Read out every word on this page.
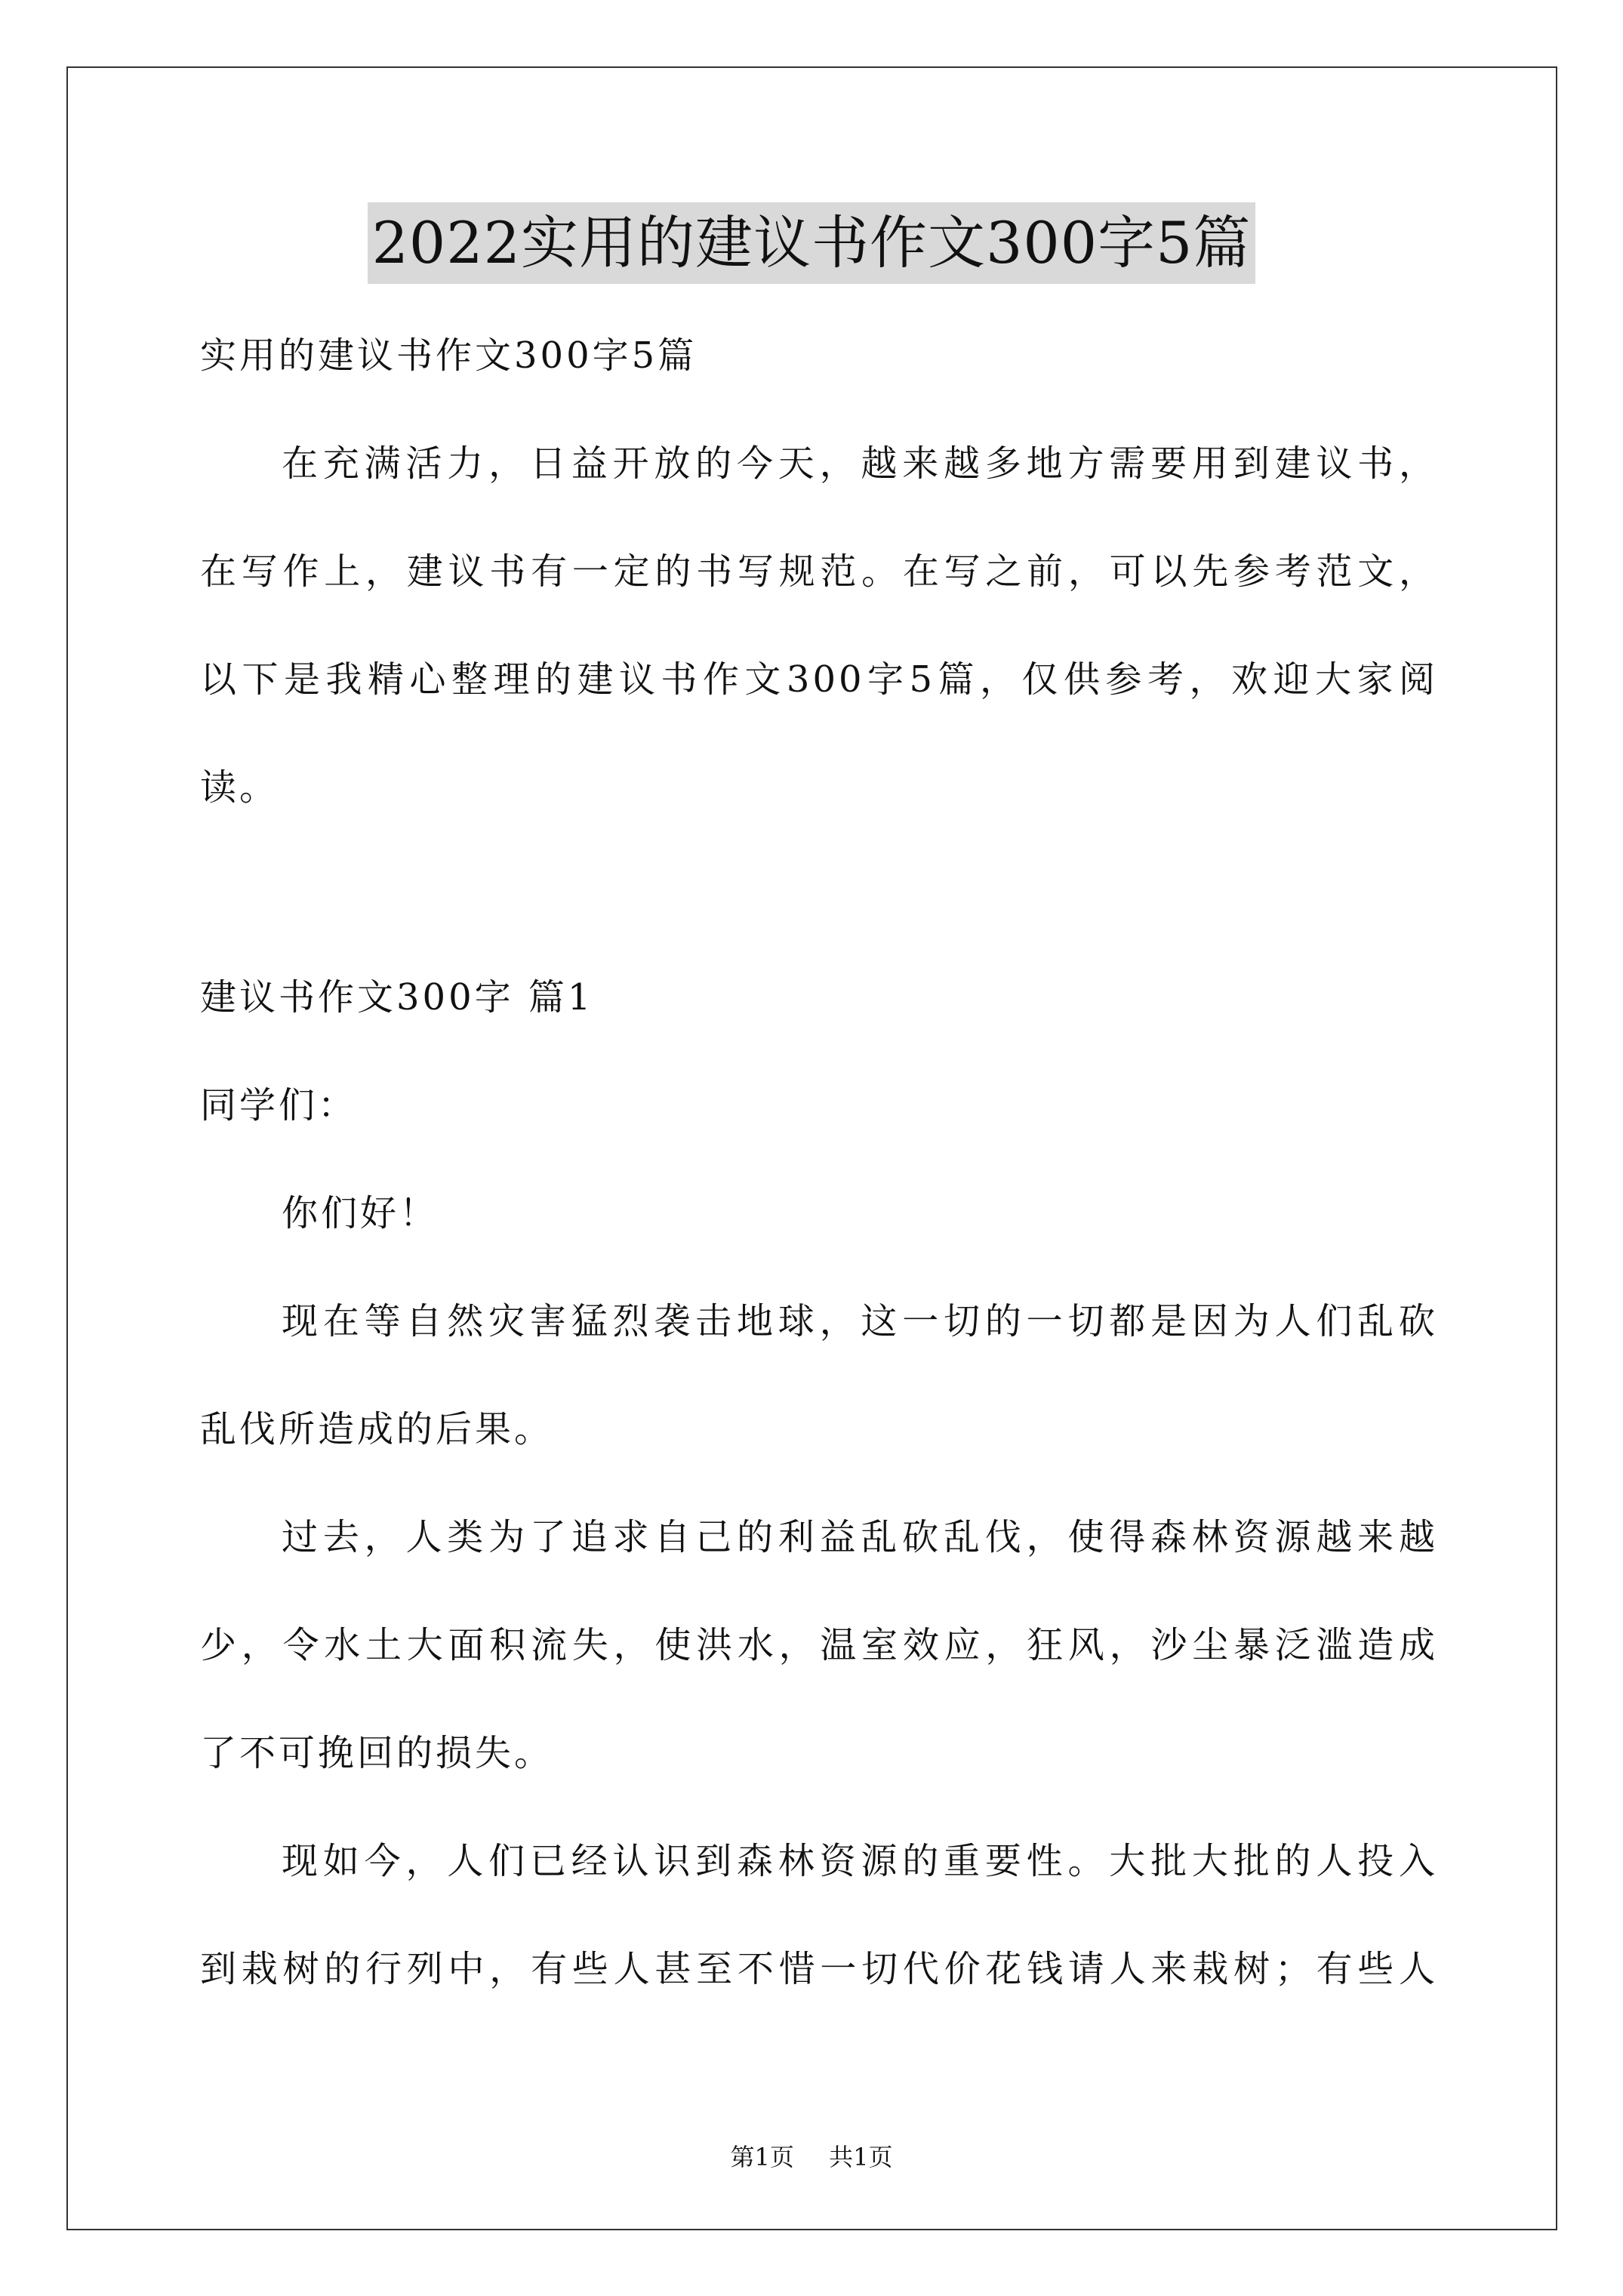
2022实用的建议书作文300字5篇

实用的建议书作文300字5篇

在充满活力，日益开放的今天，越来越多地方需要用到建议书，

在写作上，建议书有一定的书写规范。在写之前，可以先参考范文，

以下是我精心整理的建议书作文300字5篇，仅供参考，欢迎大家阅

读。

建议书作文300字 篇1

同学们：

你们好！

现在等自然灾害猛烈袭击地球，这一切的一切都是因为人们乱砍

乱伐所造成的后果。

过去，人类为了追求自己的利益乱砍乱伐，使得森林资源越来越

少，令水土大面积流失，使洪水，温室效应，狂风，沙尘暴泛滥造成

了不可挽回的损失。

现如今，人们已经认识到森林资源的重要性。大批大批的人投入

到栽树的行列中，有些人甚至不惜一切代价花钱请人来栽树；有些人

第1页 共1页
